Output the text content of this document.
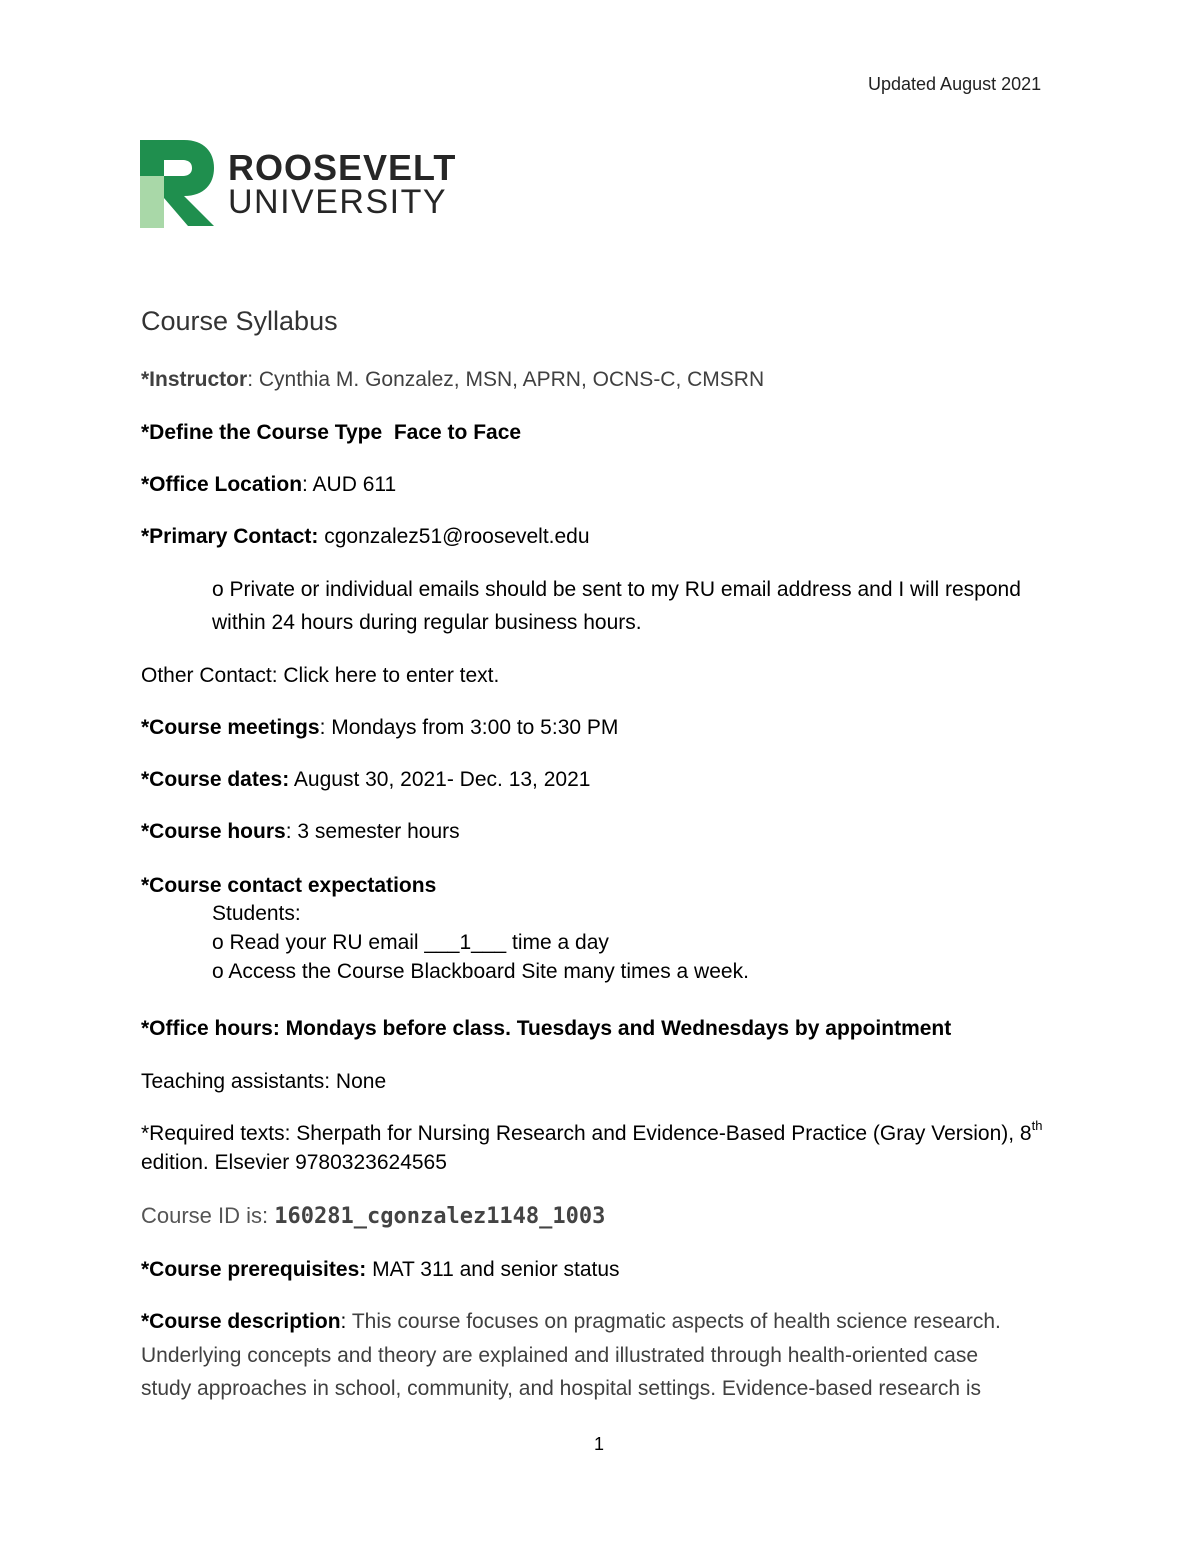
Updated August 2021
ROOSEVELT
UNIVERSITY
Course Syllabus
*Instructor: Cynthia M. Gonzalez, MSN, APRN, OCNS-C, CMSRN
*Define the Course Type Face to Face
*Office Location: AUD 611
*Primary Contact: cgonzalez51@roosevelt.edu
o Private or individual emails should be sent to my RU email address and I will respond
within 24 hours during regular business hours.
Other Contact: Click here to enter text.
*Course meetings: Mondays from 3:00 to 5:30 PM
*Course dates: August 30, 2021- Dec. 13, 2021
*Course hours: 3 semester hours
*Course contact expectations
Students:
o Read your RU email ___1___ time a day
o Access the Course Blackboard Site many times a week.
*Office hours: Mondays before class. Tuesdays and Wednesdays by appointment
Teaching assistants: None
*Required texts: Sherpath for Nursing Research and Evidence-Based Practice (Gray Version), 8th
edition. Elsevier 9780323624565
Course ID is: 160281_cgonzalez1148_1003
*Course prerequisites: MAT 311 and senior status
*Course description: This course focuses on pragmatic aspects of health science research.
Underlying concepts and theory are explained and illustrated through health-oriented case
study approaches in school, community, and hospital settings. Evidence-based research is
1
